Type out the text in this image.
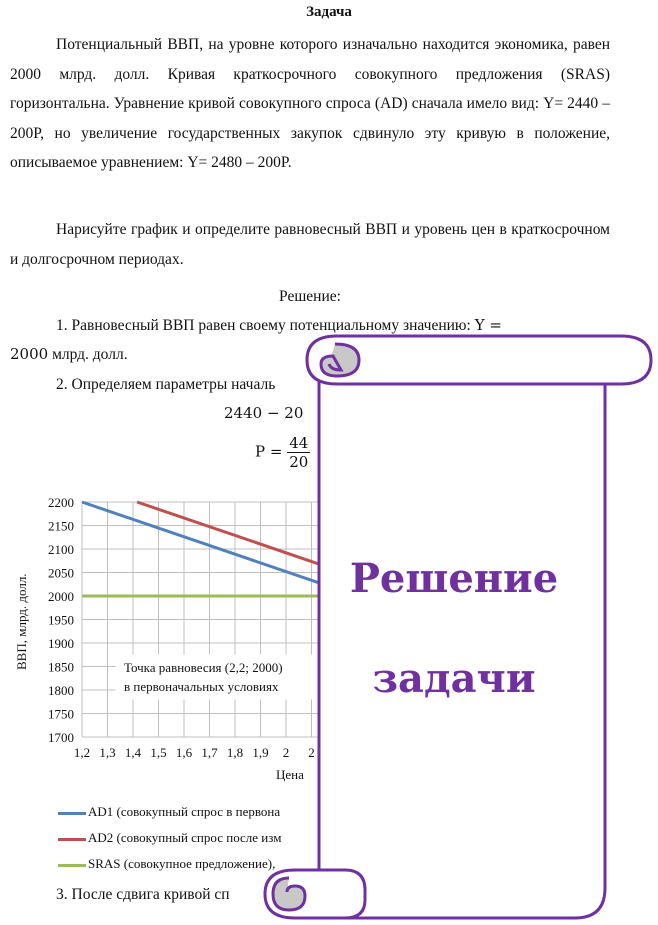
Задача
Потенциальный ВВП, на уровне которого изначально находится экономика, равен 2000 млрд. долл. Кривая краткосрочного совокупного предложения (SRAS) горизонтальна. Уравнение кривой совокупного спроса (AD) сначала имело вид: Y= 2440 – 200P, но увеличение государственных закупок сдвинуло эту кривую в положение, описываемое уравнением: Y= 2480 – 200P.
Нарисуйте график и определите равновесный ВВП и уровень цен в краткосрочном и долгосрочном периодах.
Решение:
1. Равновесный ВВП равен своему потенциальному значению: Y =
2000 млрд. долл.
2. Определяем параметры началь
2440 − 20
$P = \frac{44}{20}$
2200
2150
2100
2050
2000
1950
1900
1850
1800
1750
1700
1,2 1,3 1,4 1,5 1,6 1,7 1,8 1,9 2 2
ВВП, млрд. долл.
Цена
Точка равновесия (2,2; 2000)
в первоначальных условиях
AD1 (совокупный спрос в первона
AD2 (совокупный спрос после изм
SRAS (совокупное предложение),
3. После сдвига кривой сп
Решение
задачи
